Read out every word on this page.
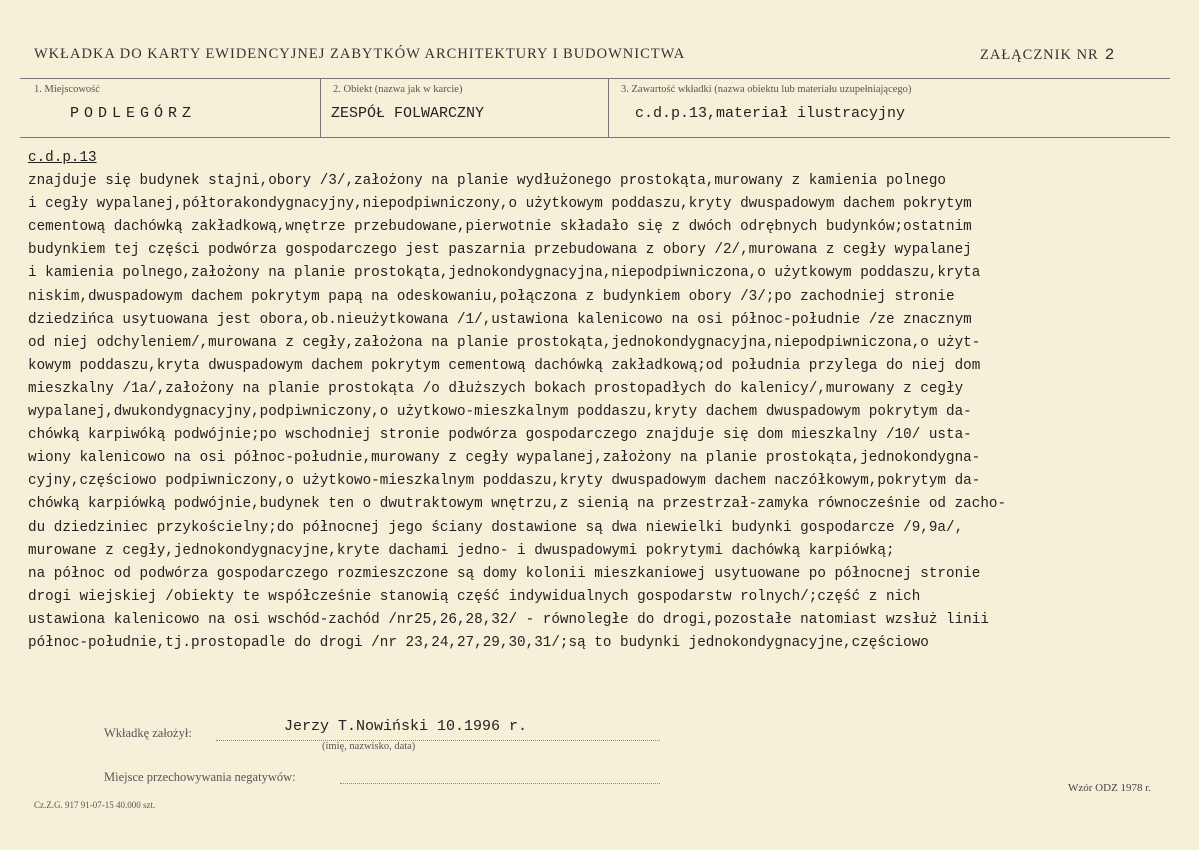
WKŁADKA DO KARTY EWIDENCYJNEJ ZABYTKÓW ARCHITEKTURY I BUDOWNICTWA	ZAŁĄCZNIK NR 2
1. Miejscowość
PODLEGÓRZ
2. Obiekt (nazwa jak w karcie)
ZESPÓŁ FOLWARCZNY
3. Zawartość wkładki (nazwa obiektu lub materiału uzupełniającego)
c.d.p.13,materiał ilustracyjny
c.d.p.13
znajduje się budynek stajni,obory /3/,założony na planie wydłużonego prostokąta,murowany z kamienia polnego
i cegły wypalanej,półtorakondygnacyjny,niepodpiwniczony,o użytkowym poddaszu,kryty dwuspadowym dachem pokrytym
cementową dachówką zakładkową,wnętrze przebudowane,pierwotnie składało się z dwóch odrębnych budynków;ostatnim
budynkiem tej części podwórza gospodarczego jest paszarnia przebudowana z obory /2/,murowana z cegły wypalanej
i kamienia polnego,założony na planie prostokąta,jednokondygnacyjna,niepodpiwniczona,o użytkowym poddaszu,kryta
niskim,dwuspadowym dachem pokrytym papą na odeskowaniu,połączona z budynkiem obory /3/;po zachodniej stronie
dziedzińca usytuowana jest obora,ob.nieużytkowana /1/,ustawiona kalenicowo na osi północ-południe /ze znacznym
od niej odchyleniem/,murowana z cegły,założona na planie prostokąta,jednokondygnacyjna,niepodpiwniczona,o użyt-
kowym poddaszu,kryta dwuspadowym dachem pokrytym cementową dachówką zakładkową;od południa przylega do niej dom
mieszkalny /1a/,założony na planie prostokąta /o dłuższych bokach prostopadłych do kalenicy/,murowany z cegły
wypalanej,dwukondygnacyjny,podpiwniczony,o użytkowo-mieszkalnym poddaszu,kryty dachem dwuspadowym pokrytym da-
chówką karpiwóką podwójnie;po wschodniej stronie podwórza gospodarczego znajduje się dom mieszkalny /10/ usta-
wiony kalenicowo na osi północ-południe,murowany z cegły wypalanej,założony na planie prostokąta,jednokondygna-
cyjny,częściowo podpiwniczony,o użytkowo-mieszkalnym poddaszu,kryty dwuspadowym dachem naczółkowym,pokrytym da-
chówką karpiówką podwójnie,budynek ten o dwutraktowym wnętrzu,z sienią na przestrzał-zamyka równocześnie od zacho-
du dziedziniec przykościelny;do północnej jego ściany dostawione są dwa niewielki budynki gospodarcze /9,9a/,
murowane z cegły,jednokondygnacyjne,kryte dachami jedno- i dwuspadowymi pokrytymi dachówką karpiówką;
na północ od podwórza gospodarczego rozmieszczone są domy kolonii mieszkaniowej usytuowane po północnej stronie
drogi wiejskiej /obiekty te współcześnie stanowią część indywidualnych gospodarstw rolnych/;część z nich
ustawiona kalenicowo na osi wschód-zachód /nr25,26,28,32/ - równoległe do drogi,pozostałe natomiast wzsłuż linii
północ-południe,tj.prostopadle do drogi /nr 23,24,27,29,30,31/;są to budynki jednokondygnacyjne,częściowo
Wkładkę założył:	Jerzy T.Nowiński 10.1996 r.
(imię, nazwisko, data)
Miejsce przechowywania negatywów:
Cz.Z.G. 917 91-07-15 40.000 szt.
Wzór ODZ 1978 r.
